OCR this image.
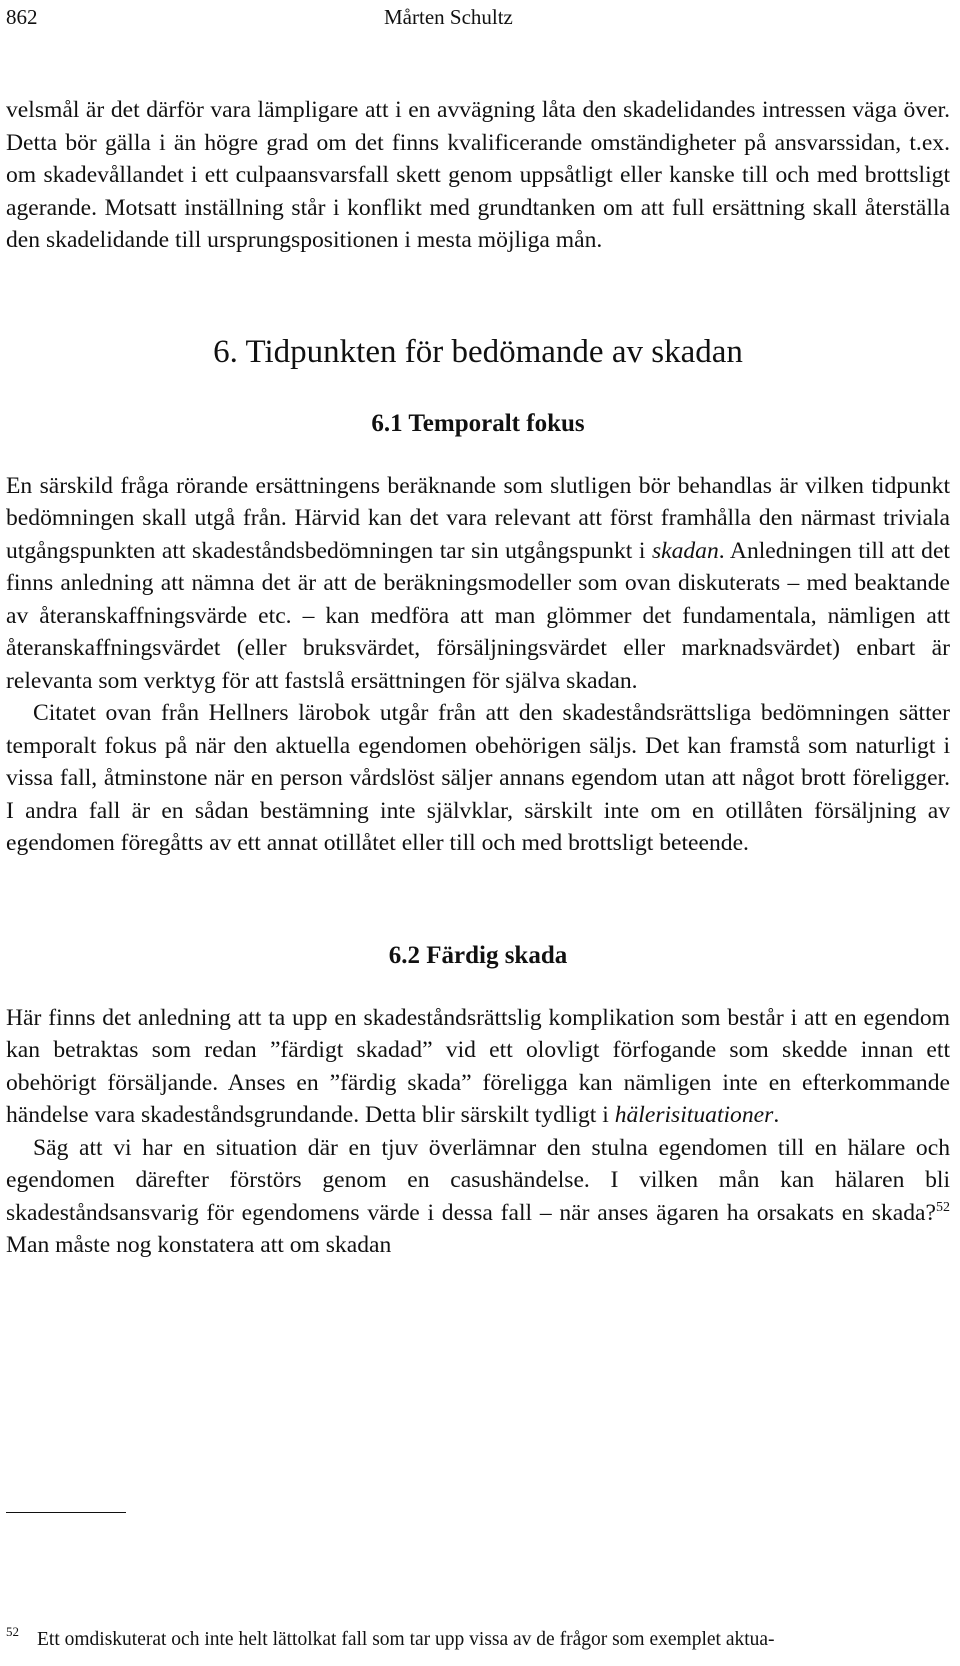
862	Mårten Schultz

velsmål är det därför vara lämpligare att i en avvägning låta den skadelidandes intressen väga över. Detta bör gälla i än högre grad om det finns kvalificerande omständigheter på ansvarssidan, t.ex. om skadevållandet i ett culpaansvarsfall skett genom uppsåtligt eller kanske till och med brottsligt agerande. Motsatt inställning står i konflikt med grundtanken om att full ersättning skall återställa den skadelidande till ursprungspositionen i mesta möjliga mån.

6. Tidpunkten för bedömande av skadan
6.1 Temporalt fokus

En särskild fråga rörande ersättningens beräknande som slutligen bör behandlas är vilken tidpunkt bedömningen skall utgå från. Härvid kan det vara relevant att först framhålla den närmast triviala utgångspunkten att skadeståndsbedömningen tar sin utgångspunkt i skadan. Anledningen till att det finns anledning att nämna det är att de beräkningsmodeller som ovan diskuterats – med beaktande av återanskaffningsvärde etc. – kan medföra att man glömmer det fundamentala, nämligen att återanskaffningsvärdet (eller bruksvärdet, försäljningsvärdet eller marknadsvärdet) enbart är relevanta som verktyg för att fastslå ersättningen för själva skadan.

Citatet ovan från Hellners lärobok utgår från att den skadeståndsrättsliga bedömningen sätter temporalt fokus på när den aktuella egendomen obehörigen säljs. Det kan framstå som naturligt i vissa fall, åtminstone när en person vårdslöst säljer annans egendom utan att något brott föreligger. I andra fall är en sådan bestämning inte självklar, särskilt inte om en otillåten försäljning av egendomen föregåtts av ett annat otillåtet eller till och med brottsligt beteende.

6.2 Färdig skada

Här finns det anledning att ta upp en skadeståndsrättslig komplikation som består i att en egendom kan betraktas som redan ”färdigt skadad” vid ett olovligt förfogande som skedde innan ett obehörigt försäljande. Anses en ”färdig skada” föreligga kan nämligen inte en efterkommande händelse vara skadeståndsgrundande. Detta blir särskilt tydligt i hälerisituationer.

Säg att vi har en situation där en tjuv överlämnar den stulna egendomen till en hälare och egendomen därefter förstörs genom en casushändelse. I vilken mån kan hälaren bli skadeståndsansvarig för egendomens värde i dessa fall – när anses ägaren ha orsakats en skada?$^{52}$ Man måste nog konstatera att om skadan

$^{52}$ Ett omdiskuterat och inte helt lättolkat fall som tar upp vissa av de frågor som exemplet aktua-
